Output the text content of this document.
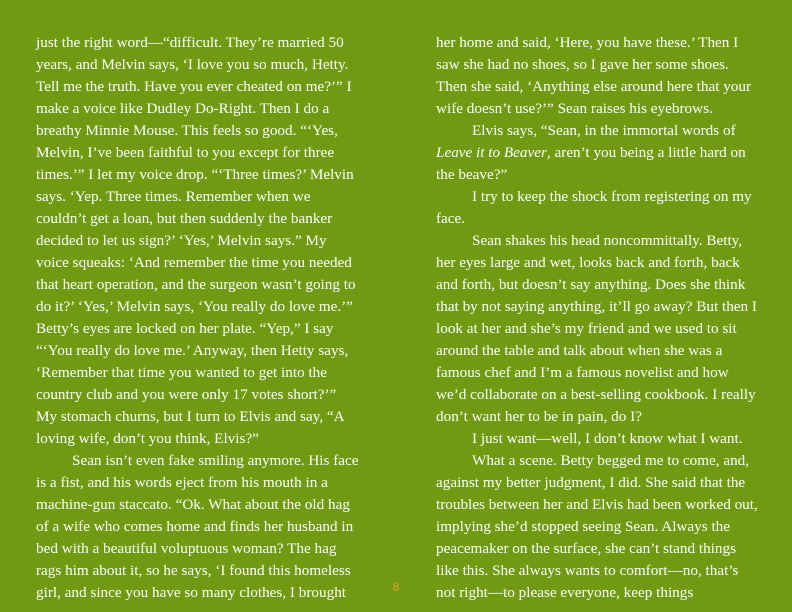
just the right word—“difficult. They’re married 50 years, and Melvin says, ‘I love you so much, Hetty. Tell me the truth. Have you ever cheated on me?’” I make a voice like Dudley Do-Right. Then I do a breathy Minnie Mouse. This feels so good. “‘Yes, Melvin, I’ve been faithful to you except for three times.’” I let my voice drop. “‘Three times?’ Melvin says. ‘Yep. Three times. Remember when we couldn’t get a loan, but then suddenly the banker decided to let us sign?’ ‘Yes,’ Melvin says.” My voice squeaks: ‘And remember the time you needed that heart operation, and the surgeon wasn’t going to do it?’ ‘Yes,’ Melvin says, ‘You really do love me.’” Betty’s eyes are locked on her plate. “Yep,” I say “‘You really do love me.’ Anyway, then Hetty says, ‘Remember that time you wanted to get into the country club and you were only 17 votes short?’” My stomach churns, but I turn to Elvis and say, “A loving wife, don’t you think, Elvis?”

Sean isn’t even fake smiling anymore. His face is a fist, and his words eject from his mouth in a machine-gun staccato. “Ok. What about the old hag of a wife who comes home and finds her husband in bed with a beautiful voluptuous woman? The hag rags him about it, so he says, ‘I found this homeless girl, and since you have so many clothes, I brought

her home and said, ‘Here, you have these.’ Then I saw she had no shoes, so I gave her some shoes. Then she said, ‘Anything else around here that your wife doesn’t use?’” Sean raises his eyebrows.

Elvis says, “Sean, in the immortal words of Leave it to Beaver, aren’t you being a little hard on the beave?”

I try to keep the shock from registering on my face.

Sean shakes his head noncommittally. Betty, her eyes large and wet, looks back and forth, back and forth, but doesn’t say anything. Does she think that by not saying anything, it’ll go away? But then I look at her and she’s my friend and we used to sit around the table and talk about when she was a famous chef and I’m a famous novelist and how we’d collaborate on a best-selling cookbook. I really don’t want her to be in pain, do I?

I just want—well, I don’t know what I want.

What a scene. Betty begged me to come, and, against my better judgment, I did. She said that the troubles between her and Elvis had been worked out, implying she’d stopped seeing Sean. Always the peacemaker on the surface, she can’t stand things like this. She always wants to comfort—no, that’s not right—to please everyone, keep things

8
